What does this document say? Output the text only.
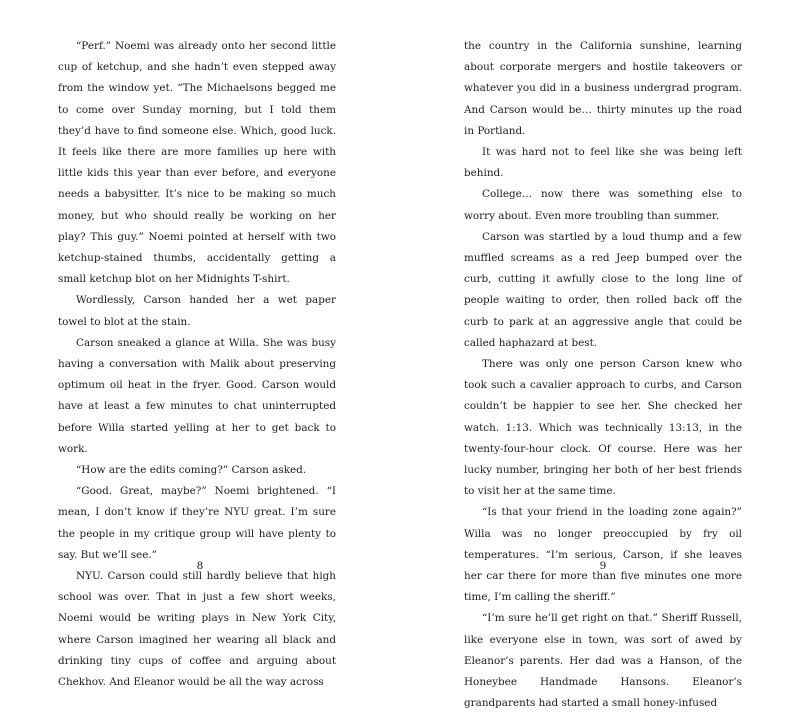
“Perf.” Noemi was already onto her second little cup of ketchup, and she hadn’t even stepped away from the window yet. “The Michaelsons begged me to come over Sunday morning, but I told them they’d have to find someone else. Which, good luck. It feels like there are more families up here with little kids this year than ever before, and everyone needs a babysitter. It’s nice to be making so much money, but who should really be working on her play? This guy.” Noemi pointed at herself with two ketchup-stained thumbs, accidentally getting a small ketchup blot on her Midnights T-shirt.

Wordlessly, Carson handed her a wet paper towel to blot at the stain.

Carson sneaked a glance at Willa. She was busy having a conversation with Malik about preserving optimum oil heat in the fryer. Good. Carson would have at least a few minutes to chat uninterrupted before Willa started yelling at her to get back to work.

“How are the edits coming?” Carson asked.

“Good. Great, maybe?” Noemi brightened. “I mean, I don’t know if they’re NYU great. I’m sure the people in my critique group will have plenty to say. But we’ll see.”

NYU. Carson could still hardly believe that high school was over. That in just a few short weeks, Noemi would be writing plays in New York City, where Carson imagined her wearing all black and drinking tiny cups of coffee and arguing about Chekhov. And Eleanor would be all the way across

8

the country in the California sunshine, learning about corporate mergers and hostile takeovers or whatever you did in a business undergrad program. And Carson would be… thirty minutes up the road in Portland.

It was hard not to feel like she was being left behind.

College… now there was something else to worry about. Even more troubling than summer.

Carson was startled by a loud thump and a few muffled screams as a red Jeep bumped over the curb, cutting it awfully close to the long line of people waiting to order, then rolled back off the curb to park at an aggressive angle that could be called haphazard at best.

There was only one person Carson knew who took such a cavalier approach to curbs, and Carson couldn’t be happier to see her. She checked her watch. 1:13. Which was technically 13:13, in the twenty-four-hour clock. Of course. Here was her lucky number, bringing her both of her best friends to visit her at the same time.

“Is that your friend in the loading zone again?” Willa was no longer preoccupied by fry oil temperatures. “I’m serious, Carson, if she leaves her car there for more than five minutes one more time, I’m calling the sheriff.”

“I’m sure he’ll get right on that.” Sheriff Russell, like everyone else in town, was sort of awed by Eleanor’s parents. Her dad was a Hanson, of the Honeybee Handmade Hansons. Eleanor’s grandparents had started a small honey-infused

9
